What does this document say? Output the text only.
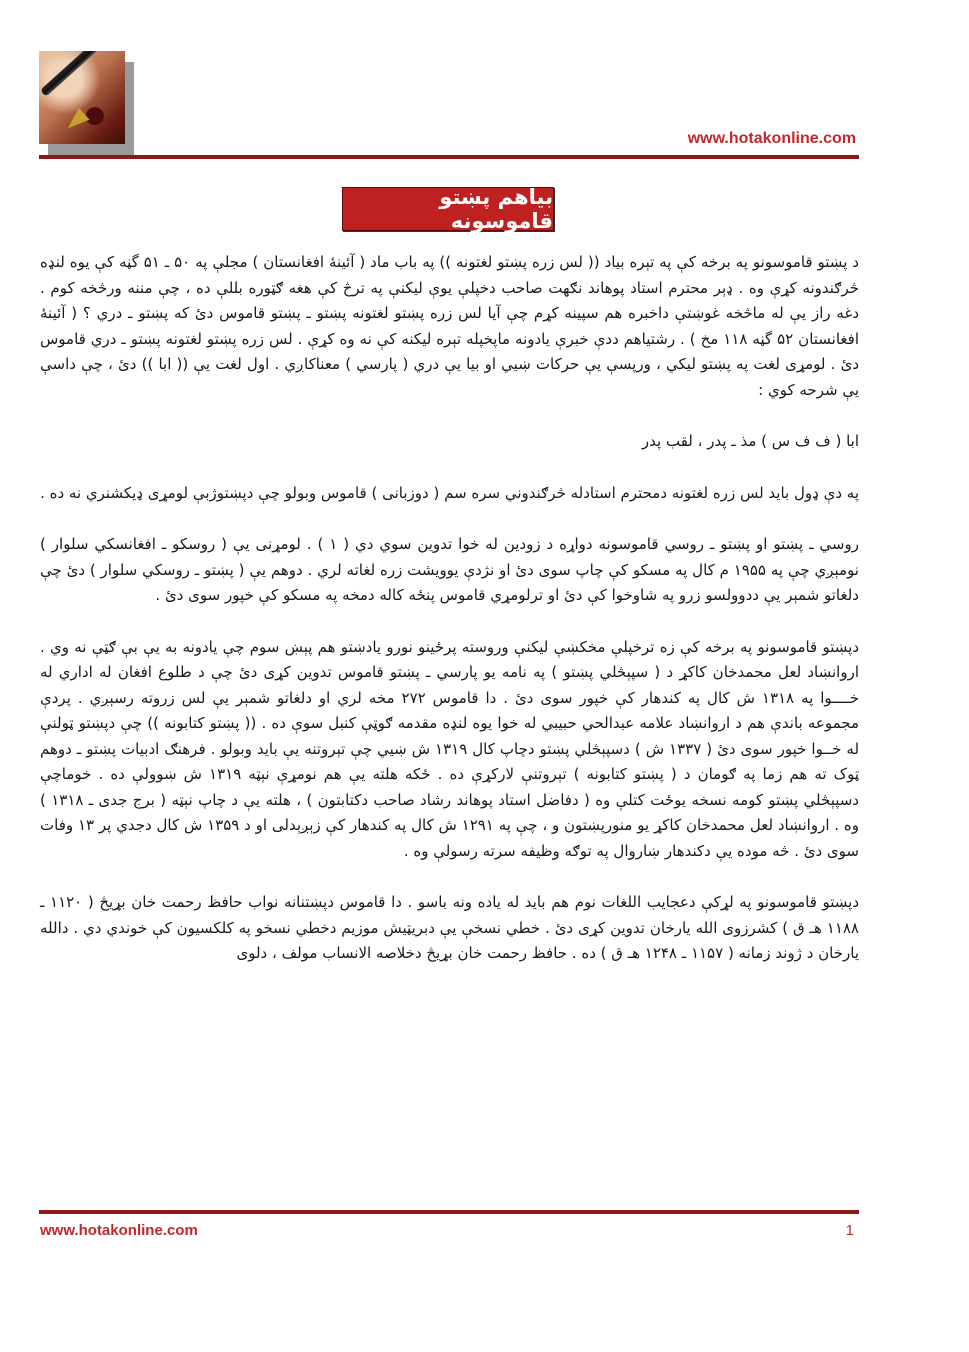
www.hotakonline.com
بیاهم پښتو قاموسونه

د پښتو قاموسونو په برخه کې په تېره بیاد (( لس زره پښتو لغتونه )) په باب ماد ( آئینهٔ افغانستان ) مجلې په ۵۰ ـ ۵۱ گڼه کې یوه لنډه څرګندونه کړې وه . ډېر محترم استاد پوهاند نګهت صاحب دخپلې یوې لیکنې په ترڅ کې هغه ګټوره بللې ده ، چې مننه ورڅخه کوم . دغه راز یې له ماڅخه غوښتې داخبره هم سپینه کړم چې آیا لس زره پښتو لغتونه پښتو ـ پښتو قاموس دئ که پښتو ـ دري ؟ ( آئینهٔ افغانستان ۵۲ گڼه ۱۱۸ مخ ) . رشتیاهم ددې خبرې یادونه ماپخپله تېره لیکنه کې نه وه کړې . لس زره پښتو لغتونه پښتو ـ دري قاموس دئ . لومړی لغت په پښتو لیکي ، ورپسې یې حرکات ښیي او بیا یې دري ( پارسي ) معناکاږي . اول لغت یې (( ابا )) دئ ، چې داسې یې شرحه کوي :

ابا ( ف ف س ) مذ ـ پدر ، لقب پدر

په دې ډول باید لس زره لغتونه دمحترم استادله څرګندوني سره سم ( دوزبانی ) قاموس وبولو چې دپښتوژبې لومړی ډیکشنري نه ده .

روسي ـ پښتو او پښتو ـ روسي قاموسونه دواړه د زودین له خوا تدوین سوي دي ( ۱ ) . لومړنی یې ( روسکو ـ افغانسکي سلوار ) نومېږي چې په ۱۹۵۵ م کال په مسکو کې چاپ سوی دئ او نژدې یوویشت زره لغاته لري . دوهم یې ( پښتو ـ روسکي سلوار ) دئ چې دلغاتو شمېر یې ددوولسو زرو په شاوخوا کې دئ او ترلومړي قاموس پنځه کاله دمخه په مسکو کې خپور سوی دئ .

دپښتو قاموسونو په برخه کې زه ترخپلې مخکښې لیکنې وروسته پرځینو نورو یادښتو هم پېښ سوم چې یادونه به یې بې ګټې نه وي . اروانښاد لعل محمدخان کاکړ د ( سپېڅلي پښتو ) په نامه یو پارسي ـ پښتو قاموس تدوین کړی دئ چې د طلوع افغان له اداري له خــــوا په ۱۳۱۸ ش کال په کندهار کې خپور سوی دئ . دا قاموس ۲۷۲ مخه لري او دلغاتو شمېر یې لس زروته رسېږي . پردې مجموعه باندې هم د اروانښاد علامه عبدالحي حبیبي له خوا یوه لنډه مقدمه ګوټې کنبل سوې ده . (( پښتو کتابونه )) چې دپښتو ټولنې له خــوا خپور سوی دئ ( ۱۳۳۷ ش ) دسپېڅلي پښتو دچاپ کال ۱۳۱۹ ش ښیي چې تېروتنه یې باید وبولو . فرهنګ ادبیات پښتو ـ دوهم ټوک ته هم زما په ګومان د ( پښتو کتابونه ) تېروتنې لارکړې ده . ځکه هلته یې هم نومړې نېټه ۱۳۱۹ ش ښوولې ده . خوماچې دسپېڅلي پښتو کومه نسخه یوځت کتلې وه ( دفاضل استاد پوهاند رشاد صاحب دکتابتون ) ، هلته یې د چاپ نېټه ( برج جدی ـ ۱۳۱۸ ) وه . اروانښاد لعل محمدخان کاکړ یو منورپښتون و ، چې په ۱۲۹۱ ش کال په کندهار کې زېږېدلی او د ۱۳۵۹ ش کال دجدي پر ۱۳ وفات سوی دئ . څه موده یې دکندهار ښاروال په توګه وظیفه سرته رسولې وه .

دپښتو قاموسونو په لړکې دعجایب اللغات نوم هم باید له یاده ونه باسو . دا قاموس دپښتنانه نواب حافظ رحمت خان بړیڅ ( ۱۱۲۰ ـ ۱۱۸۸ هـ ق ) کشرزوی الله یارخان تدوین کړی دئ . خطي نسخې یې دبریټیش موزیم دخطي نسخو په کلکسیون کې خوندي دي . دالله یارخان د ژوند زمانه ( ۱۱۵۷ ـ ۱۲۴۸ هـ ق ) ده . حافظ رحمت خان بړیڅ دخلاصه الانساب مولف ، دلوی

www.hotakonline.com	1
